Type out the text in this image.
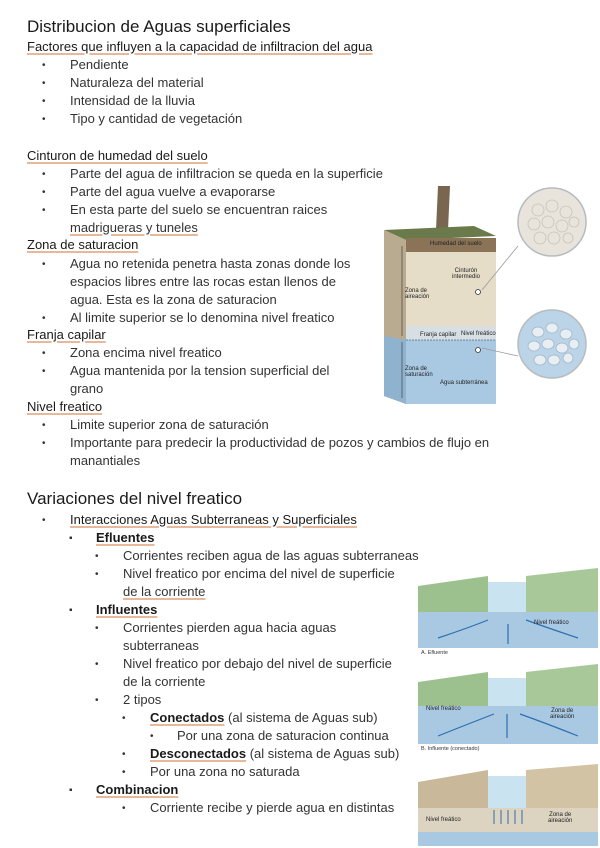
Distribucion de Aguas superficiales
Factores que influyen a la capacidad de infiltracion del agua
• Pendiente
• Naturaleza del material
• Intensidad de la lluvia
• Tipo y cantidad de vegetación
Cinturon de humedad del suelo
• Parte del agua de infiltracion se queda en la superficie
• Parte del agua vuelve a evaporarse
• En esta parte del suelo se encuentran raices
madrigueras y tuneles
Zona de saturacion
• Agua no retenida penetra hasta zonas donde los
espacios libres entre las rocas estan llenos de
agua. Esta es la zona de saturacion
• Al limite superior se lo denomina nivel freatico
Franja capilar
• Zona encima nivel freatico
• Agua mantenida por la tension superficial del
grano
Nivel freatico
• Limite superior zona de saturación
• Importante para predecir la productividad de pozos y cambios de flujo en
manantiales
Variaciones del nivel freatico
• Interacciones Aguas Subterraneas y Superficiales
▪ Efluentes
• Corrientes reciben agua de las aguas subterraneas
• Nivel freatico por encima del nivel de superficie
de la corriente
▪ Influentes
• Corrientes pierden agua hacia aguas
subterraneas
• Nivel freatico por debajo del nivel de superficie
de la corriente
• 2 tipos
• Conectados (al sistema de Aguas sub)
• Por una zona de saturacion continua
• Desconectados (al sistema de Aguas sub)
• Por una zona no saturada
▪ Combinacion
• Corriente recibe y pierde agua en distintas
Humedad del suelo
Cinturón
intermedio
Zona de
aireación
Franja capilar Nivel freático
Zona de
saturación
Agua subterránea
Nivel freático
A. Efluente
Nivel freático	Zona de
aireación
B. Influente (conectado)
Nivel freático
Zona de
aireación
